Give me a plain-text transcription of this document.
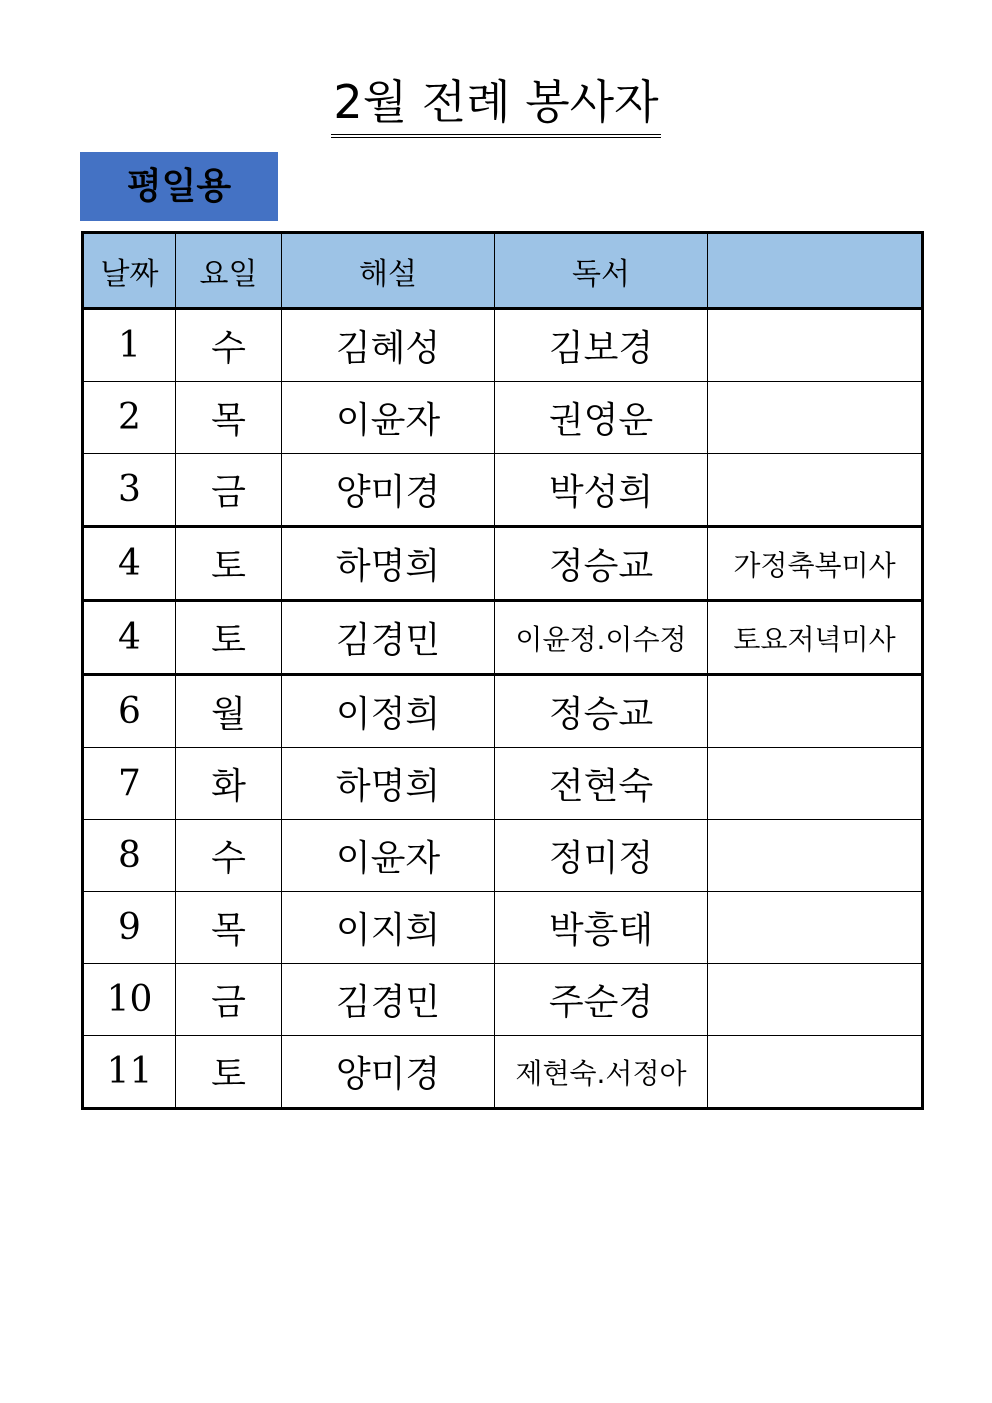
2월 전례 봉사자
평일용
날짜	요일	해설	독서	
1	수	김혜성	김보경	
2	목	이윤자	권영운	
3	금	양미경	박성희	
4	토	하명희	정승교	가정축복미사
4	토	김경민	이윤정.이수정	토요저녁미사
6	월	이정희	정승교	
7	화	하명희	전현숙	
8	수	이윤자	정미정	
9	목	이지희	박흥태	
10	금	김경민	주순경	
11	토	양미경	제현숙.서정아	
